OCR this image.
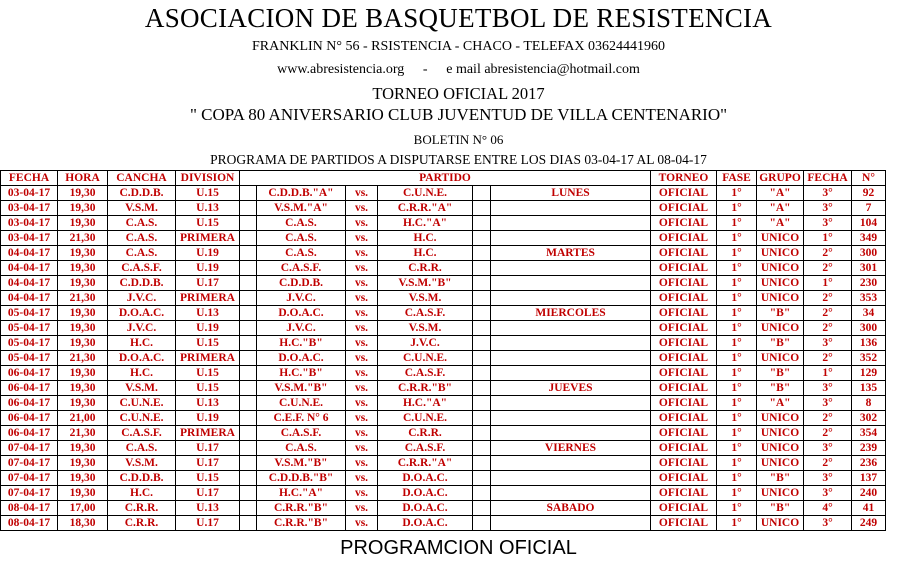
ASOCIACION DE BASQUETBOL DE RESISTENCIA
FRANKLIN N° 56 - RSISTENCIA - CHACO - TELEFAX 03624441960
www.abresistencia.org - e mail abresistencia@hotmail.com
TORNEO OFICIAL 2017
" COPA 80 ANIVERSARIO CLUB JUVENTUD DE VILLA CENTENARIO"
BOLETIN N° 06
PROGRAMA DE PARTIDOS A DISPUTARSE ENTRE LOS DIAS 03-04-17 AL 08-04-17
FECHA	HORA	CANCHA	DIVISION	PARTIDO						TORNEO	FASE	GRUPO	FECHA	N°
03-04-17	19,30	C.D.D.B.	U.15		C.D.D.B."A"	vs.	C.U.N.E.		LUNES	OFICIAL	1°	"A"	3°	92
03-04-17	19,30	V.S.M.	U.13		V.S.M."A"	vs.	C.R.R."A"			OFICIAL	1°	"A"	3°	7
03-04-17	19,30	C.A.S.	U.15		C.A.S.	vs.	H.C."A"			OFICIAL	1°	"A"	3°	104
03-04-17	21,30	C.A.S.	PRIMERA		C.A.S.	vs.	H.C.			OFICIAL	1°	UNICO	1°	349
04-04-17	19,30	C.A.S.	U.19		C.A.S.	vs.	H.C.		MARTES	OFICIAL	1°	UNICO	2°	300
04-04-17	19,30	C.A.S.F.	U.19		C.A.S.F.	vs.	C.R.R.			OFICIAL	1°	UNICO	2°	301
04-04-17	19,30	C.D.D.B.	U.17		C.D.D.B.	vs.	V.S.M."B"			OFICIAL	1°	UNICO	1°	230
04-04-17	21,30	J.V.C.	PRIMERA		J.V.C.	vs.	V.S.M.			OFICIAL	1°	UNICO	2°	353
05-04-17	19,30	D.O.A.C.	U.13		D.O.A.C.	vs.	C.A.S.F.		MIERCOLES	OFICIAL	1°	"B"	2°	34
05-04-17	19,30	J.V.C.	U.19		J.V.C.	vs.	V.S.M.			OFICIAL	1°	UNICO	2°	300
05-04-17	19,30	H.C.	U.15		H.C."B"	vs.	J.V.C.			OFICIAL	1°	"B"	3°	136
05-04-17	21,30	D.O.A.C.	PRIMERA		D.O.A.C.	vs.	C.U.N.E.			OFICIAL	1°	UNICO	2°	352
06-04-17	19,30	H.C.	U.15		H.C."B"	vs.	C.A.S.F.			OFICIAL	1°	"B"	1°	129
06-04-17	19,30	V.S.M.	U.15		V.S.M."B"	vs.	C.R.R."B"		JUEVES	OFICIAL	1°	"B"	3°	135
06-04-17	19,30	C.U.N.E.	U.13		C.U.N.E.	vs.	H.C."A"			OFICIAL	1°	"A"	3°	8
06-04-17	21,00	C.U.N.E.	U.19		C.E.F. N° 6	vs.	C.U.N.E.			OFICIAL	1°	UNICO	2°	302
06-04-17	21,30	C.A.S.F.	PRIMERA		C.A.S.F.	vs.	C.R.R.			OFICIAL	1°	UNICO	2°	354
07-04-17	19,30	C.A.S.	U.17		C.A.S.	vs.	C.A.S.F.		VIERNES	OFICIAL	1°	UNICO	3°	239
07-04-17	19,30	V.S.M.	U.17		V.S.M."B"	vs.	C.R.R."A"			OFICIAL	1°	UNICO	2°	236
07-04-17	19,30	C.D.D.B.	U.15		C.D.D.B."B"	vs.	D.O.A.C.			OFICIAL	1°	"B"	3°	137
07-04-17	19,30	H.C.	U.17		H.C."A"	vs.	D.O.A.C.			OFICIAL	1°	UNICO	3°	240
08-04-17	17,00	C.R.R.	U.13		C.R.R."B"	vs.	D.O.A.C.		SABADO	OFICIAL	1°	"B"	4°	41
08-04-17	18,30	C.R.R.	U.17		C.R.R."B"	vs.	D.O.A.C.			OFICIAL	1°	UNICO	3°	249
PROGRAMCION OFICIAL
